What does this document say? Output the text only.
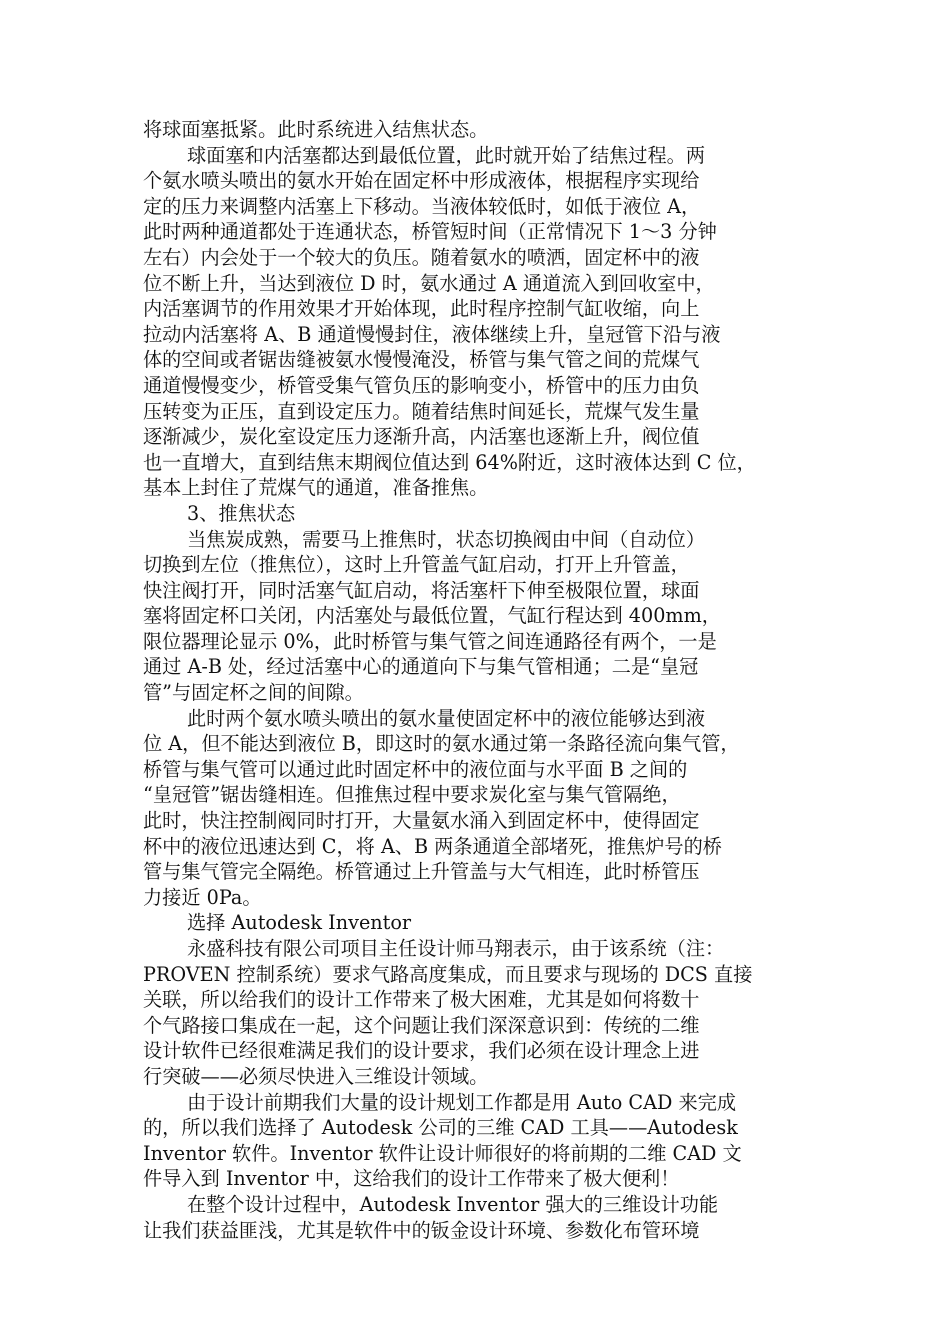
将球面塞抵紧。此时系统进入结焦状态。
球面塞和内活塞都达到最低位置，此时就开始了结焦过程。两
个氨水喷头喷出的氨水开始在固定杯中形成液体，根据程序实现给
定的压力来调整内活塞上下移动。当液体较低时，如低于液位 A，
此时两种通道都处于连通状态，桥管短时间（正常情况下 1～3 分钟
左右）内会处于一个较大的负压。随着氨水的喷洒，固定杯中的液
位不断上升，当达到液位 D 时，氨水通过 A 通道流入到回收室中，
内活塞调节的作用效果才开始体现，此时程序控制气缸收缩，向上
拉动内活塞将 A、B 通道慢慢封住，液体继续上升，皇冠管下沿与液
体的空间或者锯齿缝被氨水慢慢淹没，桥管与集气管之间的荒煤气
通道慢慢变少，桥管受集气管负压的影响变小，桥管中的压力由负
压转变为正压，直到设定压力。随着结焦时间延长，荒煤气发生量
逐渐减少，炭化室设定压力逐渐升高，内活塞也逐渐上升，阀位值
也一直增大，直到结焦末期阀位值达到 64%附近，这时液体达到 C 位，
基本上封住了荒煤气的通道，准备推焦。
3、推焦状态
当焦炭成熟，需要马上推焦时，状态切换阀由中间（自动位）
切换到左位（推焦位），这时上升管盖气缸启动，打开上升管盖，
快注阀打开，同时活塞气缸启动，将活塞杆下伸至极限位置，球面
塞将固定杯口关闭，内活塞处与最低位置，气缸行程达到 400mm，
限位器理论显示 0%，此时桥管与集气管之间连通路径有两个，一是
通过 A-B 处，经过活塞中心的通道向下与集气管相通；二是“皇冠
管”与固定杯之间的间隙。
此时两个氨水喷头喷出的氨水量使固定杯中的液位能够达到液
位 A，但不能达到液位 B，即这时的氨水通过第一条路径流向集气管，
桥管与集气管可以通过此时固定杯中的液位面与水平面 B 之间的
“皇冠管”锯齿缝相连。但推焦过程中要求炭化室与集气管隔绝，
此时，快注控制阀同时打开，大量氨水涌入到固定杯中，使得固定
杯中的液位迅速达到 C，将 A、B 两条通道全部堵死，推焦炉号的桥
管与集气管完全隔绝。桥管通过上升管盖与大气相连，此时桥管压
力接近 0Pa。
选择 Autodesk Inventor
永盛科技有限公司项目主任设计师马翔表示，由于该系统（注：
PROVEN 控制系统）要求气路高度集成，而且要求与现场的 DCS 直接
关联，所以给我们的设计工作带来了极大困难，尤其是如何将数十
个气路接口集成在一起，这个问题让我们深深意识到：传统的二维
设计软件已经很难满足我们的设计要求，我们必须在设计理念上进
行突破——必须尽快进入三维设计领域。
由于设计前期我们大量的设计规划工作都是用 Auto CAD 来完成
的，所以我们选择了 Autodesk 公司的三维 CAD 工具——Autodesk
Inventor 软件。Inventor 软件让设计师很好的将前期的二维 CAD 文
件导入到 Inventor 中，这给我们的设计工作带来了极大便利！
在整个设计过程中，Autodesk Inventor 强大的三维设计功能
让我们获益匪浅，尤其是软件中的钣金设计环境、参数化布管环境
